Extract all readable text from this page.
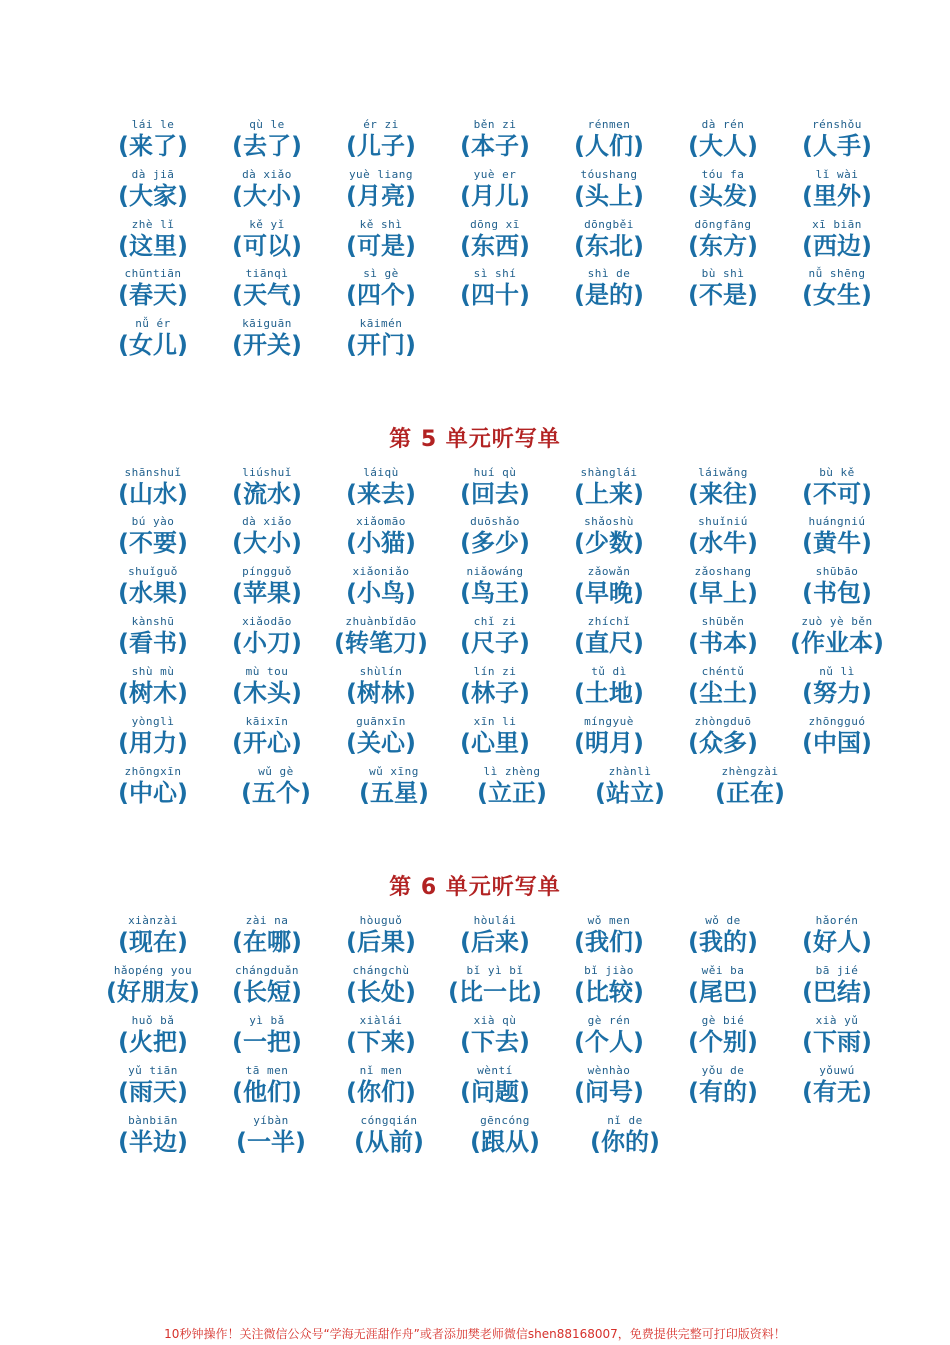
lái le
(来了)
qù le
(去了)
ér zi
(儿子)
běn zi
(本子)
rénmen
(人们)
dà rén
(大人)
rénshǒu
(人手)
dà jiā
(大家)
dà xiǎo
(大小)
yuè liang
(月亮)
yuè er
(月儿)
tóushang
(头上)
tóu fa
(头发)
lǐ wài
(里外)
zhè lǐ
(这里)
kě yǐ
(可以)
kě shì
(可是)
dōng xī
(东西)
dōngběi
(东北)
dōngfāng
(东方)
xī biān
(西边)
chūntiān
(春天)
tiānqì
(天气)
sì gè
(四个)
sì shí
(四十)
shì de
(是的)
bù shì
(不是)
nǚ shēng
(女生)
nǚ ér
(女儿)
kāiguān
(开关)
kāimén
(开门)
第 5 单元听写单
shānshuǐ
(山水)
liúshuǐ
(流水)
láiqù
(来去)
huí qù
(回去)
shànglái
(上来)
láiwǎng
(来往)
bù kě
(不可)
bú yào
(不要)
dà xiǎo
(大小)
xiǎomāo
(小猫)
duōshǎo
(多少)
shǎoshù
(少数)
shuǐniú
(水牛)
huángniú
(黄牛)
shuǐguǒ
(水果)
píngguǒ
(苹果)
xiǎoniǎo
(小鸟)
niǎowáng
(鸟王)
zǎowǎn
(早晚)
zǎoshang
(早上)
shūbāo
(书包)
kànshū
(看书)
xiǎodāo
(小刀)
zhuànbǐdāo
(转笔刀)
chǐ zi
(尺子)
zhíchǐ
(直尺)
shūběn
(书本)
zuò yè běn
(作业本)
shù mù
(树木)
mù tou
(木头)
shùlín
(树林)
lín zi
(林子)
tǔ dì
(土地)
chéntǔ
(尘土)
nǔ lì
(努力)
yònglì
(用力)
kāixīn
(开心)
guānxīn
(关心)
xīn li
(心里)
míngyuè
(明月)
zhòngduō
(众多)
zhōngguó
(中国)
zhōngxīn
(中心)
wǔ gè
(五个)
wǔ xīng
(五星)
lì zhèng
(立正)
zhànlì
(站立)
zhèngzài
(正在)
第 6 单元听写单
xiànzài
(现在)
zài na
(在哪)
hòuguǒ
(后果)
hòulái
(后来)
wǒ men
(我们)
wǒ de
(我的)
hǎorén
(好人)
hǎopéng you
(好朋友)
chángduǎn
(长短)
chángchù
(长处)
bǐ yì bǐ
(比一比)
bǐ jiào
(比较)
wěi ba
(尾巴)
bā jié
(巴结)
huǒ bǎ
(火把)
yì bǎ
(一把)
xiàlái
(下来)
xià qù
(下去)
gè rén
(个人)
gè bié
(个别)
xià yǔ
(下雨)
yǔ tiān
(雨天)
tā men
(他们)
nǐ men
(你们)
wèntí
(问题)
wènhào
(问号)
yǒu de
(有的)
yǒuwú
(有无)
bànbiān
(半边)
yíbàn
(一半)
cóngqián
(从前)
gēncóng
(跟从)
nǐ de
(你的)
10秒钟操作！关注微信公众号“学海无涯甜作舟”或者添加樊老师微信shen88168007，免费提供完整可打印版资料！
